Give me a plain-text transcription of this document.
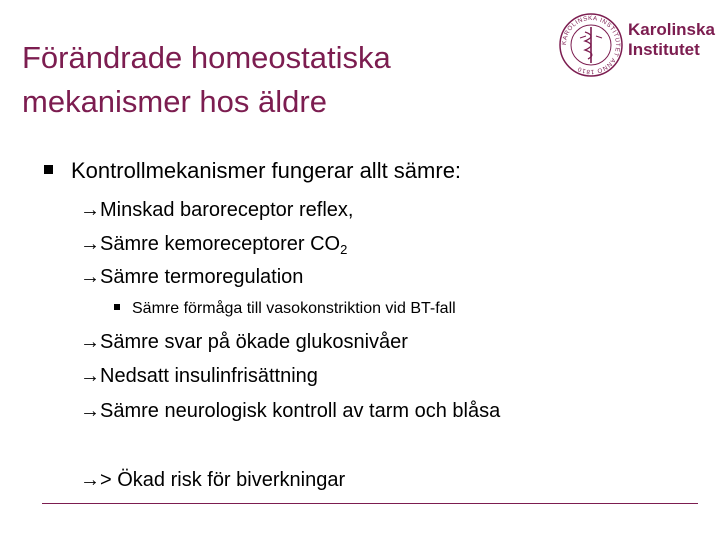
Förändrade homeostatiska
mekanismer hos äldre
KAROLINSKA INSTITUTET ANNO 1810
Karolinska
Institutet
Kontrollmekanismer fungerar allt sämre:
→Minskad baroreceptor reflex,
→Sämre kemoreceptorer $CO_2$
→Sämre termoregulation
Sämre förmåga till vasokonstriktion vid BT-fall
→Sämre svar på ökade glukosnivåer
→Nedsatt insulinfrisättning
→Sämre neurologisk kontroll av tarm och blåsa
→> Ökad risk för biverkningar
